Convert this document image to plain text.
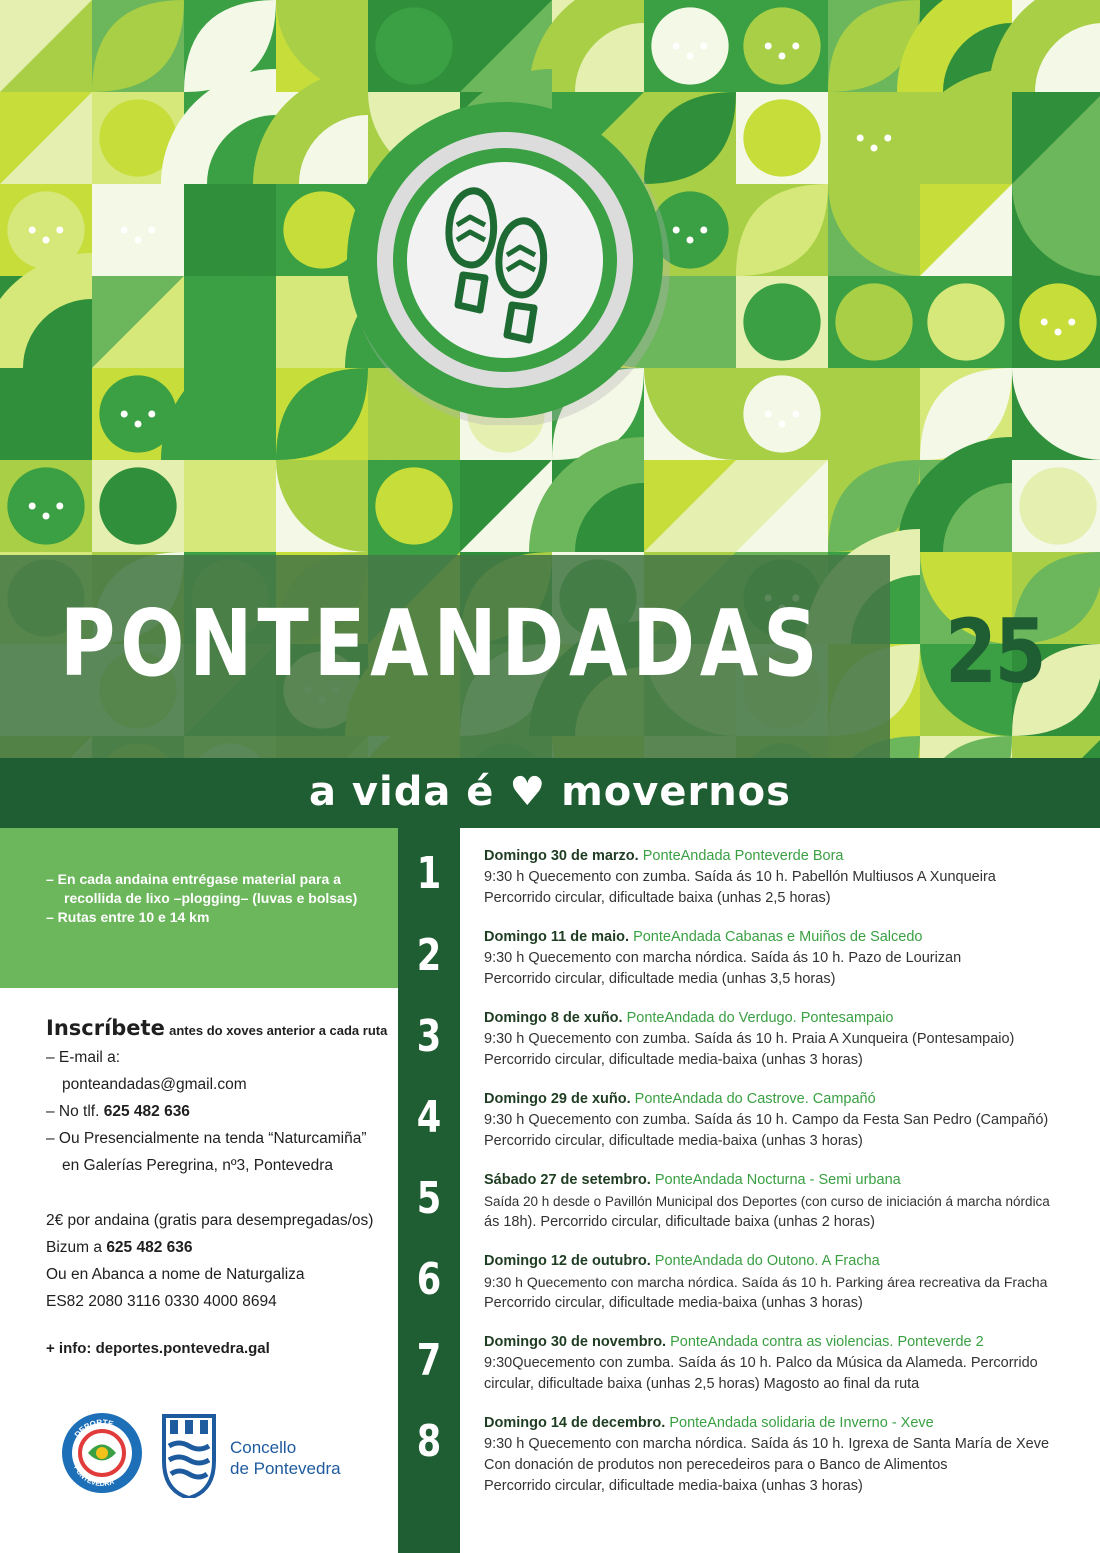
PONTEANDADAS 25
a vida é ♥ movernos
– En cada andaina entrégase material para a recollida de lixo –plogging– (luvas e bolsas)
– Rutas entre 10 e 14 km
1
2
3
4
5
6
7
8
Inscríbete antes do xoves anterior a cada ruta
– E-mail a:
ponteandadas@gmail.com
– No tlf. 625 482 636
– Ou Presencialmente na tenda “Naturcamiña”
en Galerías Peregrina, nº3, Pontevedra
2€ por andaina (gratis para desempregadas/os)
Bizum a 625 482 636
Ou en Abanca a nome de Naturgaliza
ES82 2080 3116 0330 4000 8694
+ info: deportes.pontevedra.gal
DEPORTE
PONTEVEDRA
Concello
de Pontevedra
Domingo 30 de marzo. PonteAndada Ponteverde Bora
9:30 h Quecemento con zumba. Saída ás 10 h. Pabellón Multiusos A Xunqueira
Percorrido circular, dificultade baixa (unhas 2,5 horas)
Domingo 11 de maio. PonteAndada Cabanas e Muiños de Salcedo
9:30 h Quecemento con marcha nórdica. Saída ás 10 h. Pazo de Lourizan
Percorrido circular, dificultade media (unhas 3,5 horas)
Domingo 8 de xuño. PonteAndada do Verdugo. Pontesampaio
9:30 h Quecemento con zumba. Saída ás 10 h. Praia A Xunqueira (Pontesampaio)
Percorrido circular, dificultade media-baixa (unhas 3 horas)
Domingo 29 de xuño. PonteAndada do Castrove. Campañó
9:30 h Quecemento con zumba. Saída ás 10 h. Campo da Festa San Pedro (Campañó)
Percorrido circular, dificultade media-baixa (unhas 3 horas)
Sábado 27 de setembro. PonteAndada Nocturna - Semi urbana
Saída 20 h desde o Pavillón Municipal dos Deportes (con curso de iniciación á marcha nórdica
ás 18h). Percorrido circular, dificultade baixa (unhas 2 horas)
Domingo 12 de outubro. PonteAndada do Outono. A Fracha
9:30 h Quecemento con marcha nórdica. Saída ás 10 h. Parking área recreativa da Fracha
Percorrido circular, dificultade media-baixa (unhas 3 horas)
Domingo 30 de novembro. PonteAndada contra as violencias. Ponteverde 2
9:30Quecemento con zumba. Saída ás 10 h. Palco da Música da Alameda. Percorrido
circular, dificultade baixa (unhas 2,5 horas) Magosto ao final da ruta
Domingo 14 de decembro. PonteAndada solidaria de Inverno - Xeve
9:30 h Quecemento con marcha nórdica. Saída ás 10 h. Igrexa de Santa María de Xeve
Con donación de produtos non perecedeiros para o Banco de Alimentos
Percorrido circular, dificultade media-baixa (unhas 3 horas)
